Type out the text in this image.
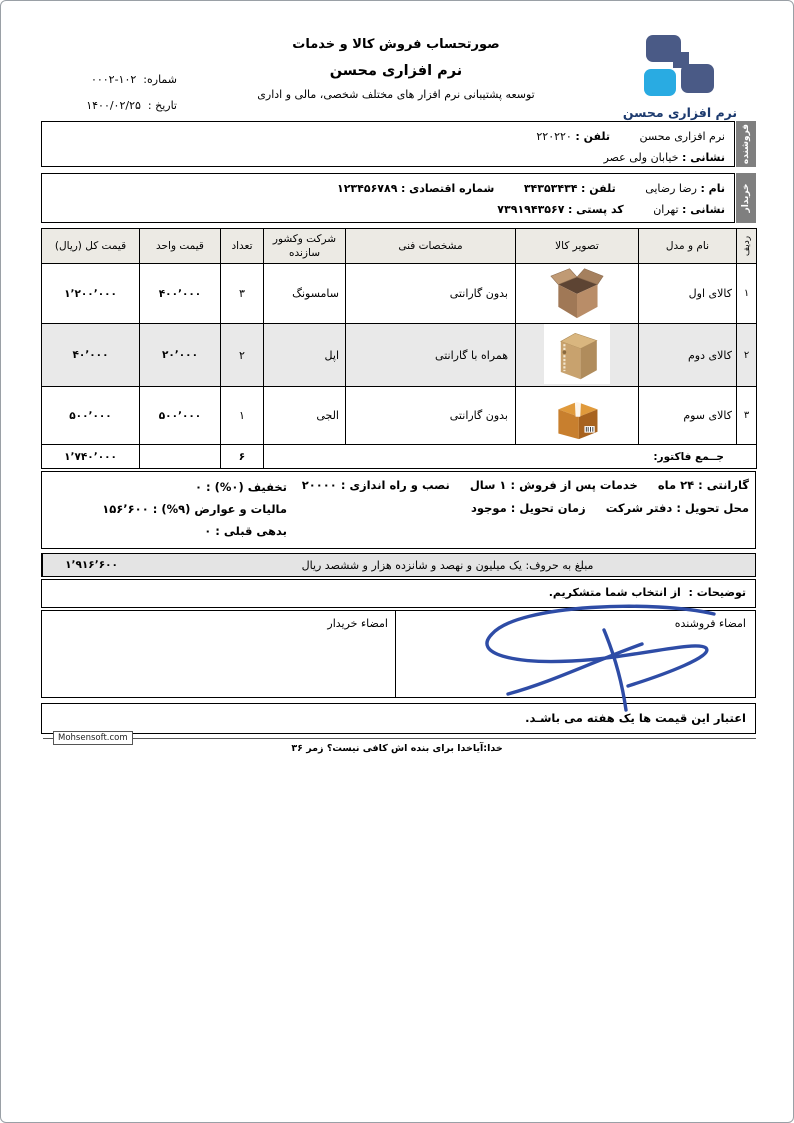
نرم افزاری محسن
صورتحساب فروش کالا و خدمات
نرم افزاری محسن
توسعه پشتیبانی نرم افزار های مختلف شخصی، مالی و اداری
شماره:  ۰۰۰۲-۱۰۲
تاریخ :  ۱۴۰۰/۰۲/۲۵
نرم افزاری محسن تلفن : ۲۲۰۲۲۰
نشانی : خیابان ولی عصر	فروشنده
نام : رضا رضایی تلفن : ۳۴۳۵۳۴۳۴ شماره اقتصادی : ۱۲۳۴۵۶۷۸۹
نشانی : تهران کد پستی : ۷۳۹۱۹۴۳۵۶۷	خریدار
ردیف	نام و مدل	تصویر کالا	مشخصات فنی	شرکت وکشور سازنده	تعداد	قیمت واحد	قیمت کل (ریال)
۱	کالای اول		بدون گارانتی	سامسونگ	۳	۴۰۰٬۰۰۰	۱٬۲۰۰٬۰۰۰
۲	کالای دوم		همراه با گارانتی	اپل	۲	۲۰٬۰۰۰	۴۰٬۰۰۰
۳	کالای سوم		بدون گارانتی	الجی	۱	۵۰۰٬۰۰۰	۵۰۰٬۰۰۰
جــمع فاکتور:					۶		۱٬۷۴۰٬۰۰۰
گارانتی : ۲۴ ماه خدمات پس از فروش : ۱ سال نصب و راه اندازی : ۲۰۰۰۰
محل تحویل : دفتر شرکت زمان تحویل : موجود
تخفیف ⁦(%۰)⁩ : ۰
مالیات و عوارض ⁦(%۹)⁩ : ۱۵۶٬۶۰۰
بدهی قبلی : ۰
مبلغ به حروف:

یک میلیون و نهصد و شانزده هزار و ششصد ریال
۱٬۹۱۶٬۶۰۰
توضیحات :  از انتخاب شما متشکریم.
امضاء فروشنده
امضاء خریدار
اعتبار این قیمت ها یک هفته می باشـد.
Mohsensoft.com
خدا:آیاخدا برای بنده اش کافی نیست؟ زمر ۳۶
